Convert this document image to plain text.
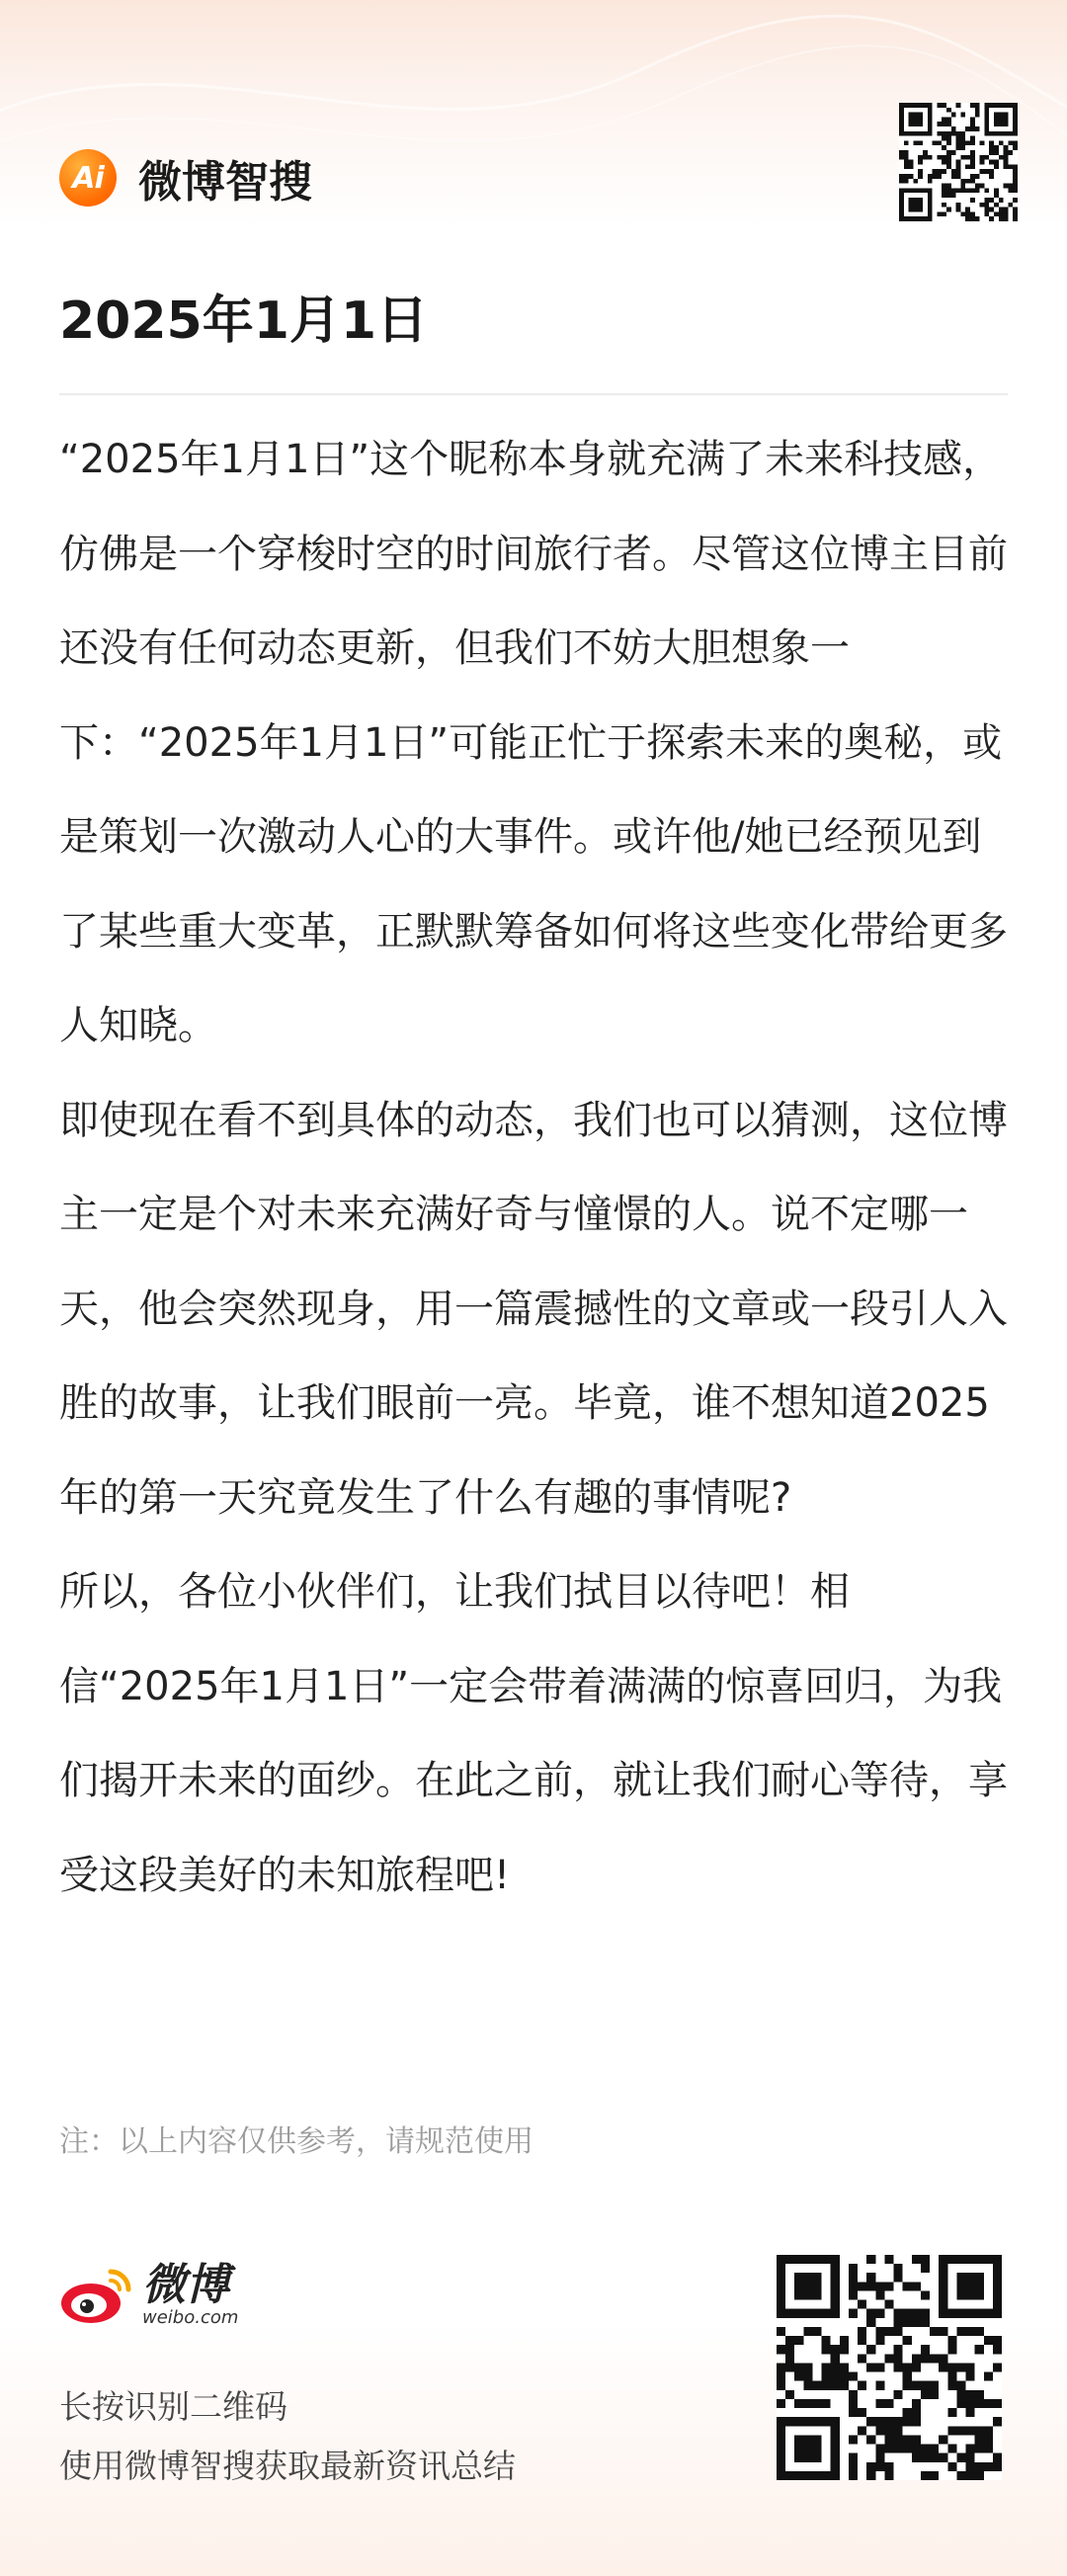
Ai 微博智搜
2025年1月1日

“2025年1月1日”这个昵称本身就充满了未来科技感，仿佛是一个穿梭时空的时间旅行者。尽管这位博主目前还没有任何动态更新，但我们不妨大胆想象一下：“2025年1月1日”可能正忙于探索未来的奥秘，或是策划一次激动人心的大事件。或许他/她已经预见到了某些重大变革，正默默筹备如何将这些变化带给更多人知晓。

即使现在看不到具体的动态，我们也可以猜测，这位博主一定是个对未来充满好奇与憧憬的人。说不定哪一天，他会突然现身，用一篇震撼性的文章或一段引人入胜的故事，让我们眼前一亮。毕竟，谁不想知道2025年的第一天究竟发生了什么有趣的事情呢?

所以，各位小伙伴们，让我们拭目以待吧！相信“2025年1月1日”一定会带着满满的惊喜回归，为我们揭开未来的面纱。在此之前，就让我们耐心等待，享受这段美好的未知旅程吧!

注：以上内容仅供参考，请规范使用
微博
weibo.com
长按识别二维码
使用微博智搜获取最新资讯总结
